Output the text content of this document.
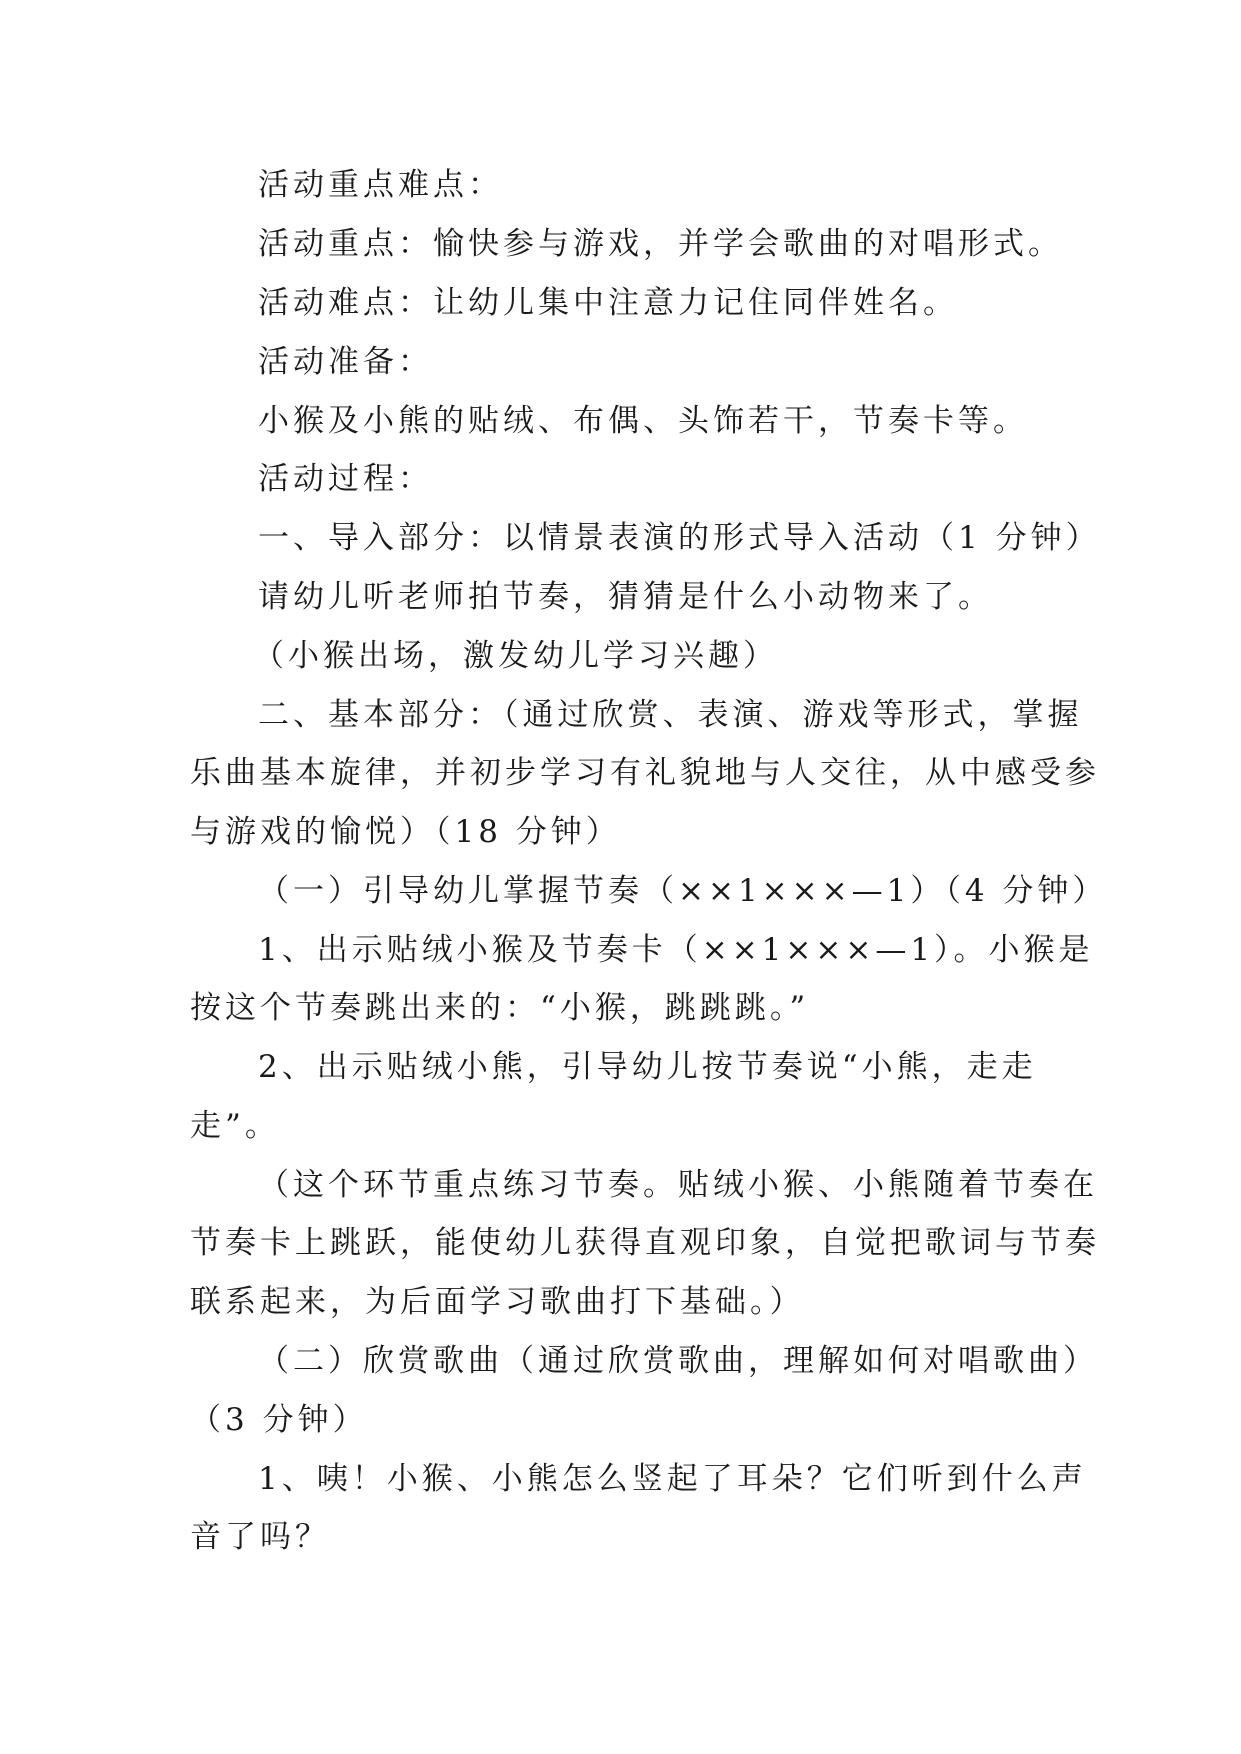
活动重点难点：
活动重点：愉快参与游戏，并学会歌曲的对唱形式。
活动难点：让幼儿集中注意力记住同伴姓名。
活动准备：
小猴及小熊的贴绒、布偶、头饰若干，节奏卡等。
活动过程：
一、导入部分：以情景表演的形式导入活动（1 分钟）
请幼儿听老师拍节奏，猜猜是什么小动物来了。
（小猴出场，激发幼儿学习兴趣）
二、基本部分：（通过欣赏、表演、游戏等形式，掌握
乐曲基本旋律，并初步学习有礼貌地与人交往，从中感受参
与游戏的愉悦）（18 分钟）
（一）引导幼儿掌握节奏（××1×××—1）（4 分钟）
1、出示贴绒小猴及节奏卡（××1×××—1）。小猴是
按这个节奏跳出来的：“小猴，跳跳跳。”
2、出示贴绒小熊，引导幼儿按节奏说“小熊，走走
走”。
（这个环节重点练习节奏。贴绒小猴、小熊随着节奏在
节奏卡上跳跃，能使幼儿获得直观印象，自觉把歌词与节奏
联系起来，为后面学习歌曲打下基础。）
（二）欣赏歌曲（通过欣赏歌曲，理解如何对唱歌曲）
（3 分钟）
1、咦！小猴、小熊怎么竖起了耳朵？它们听到什么声
音了吗？
